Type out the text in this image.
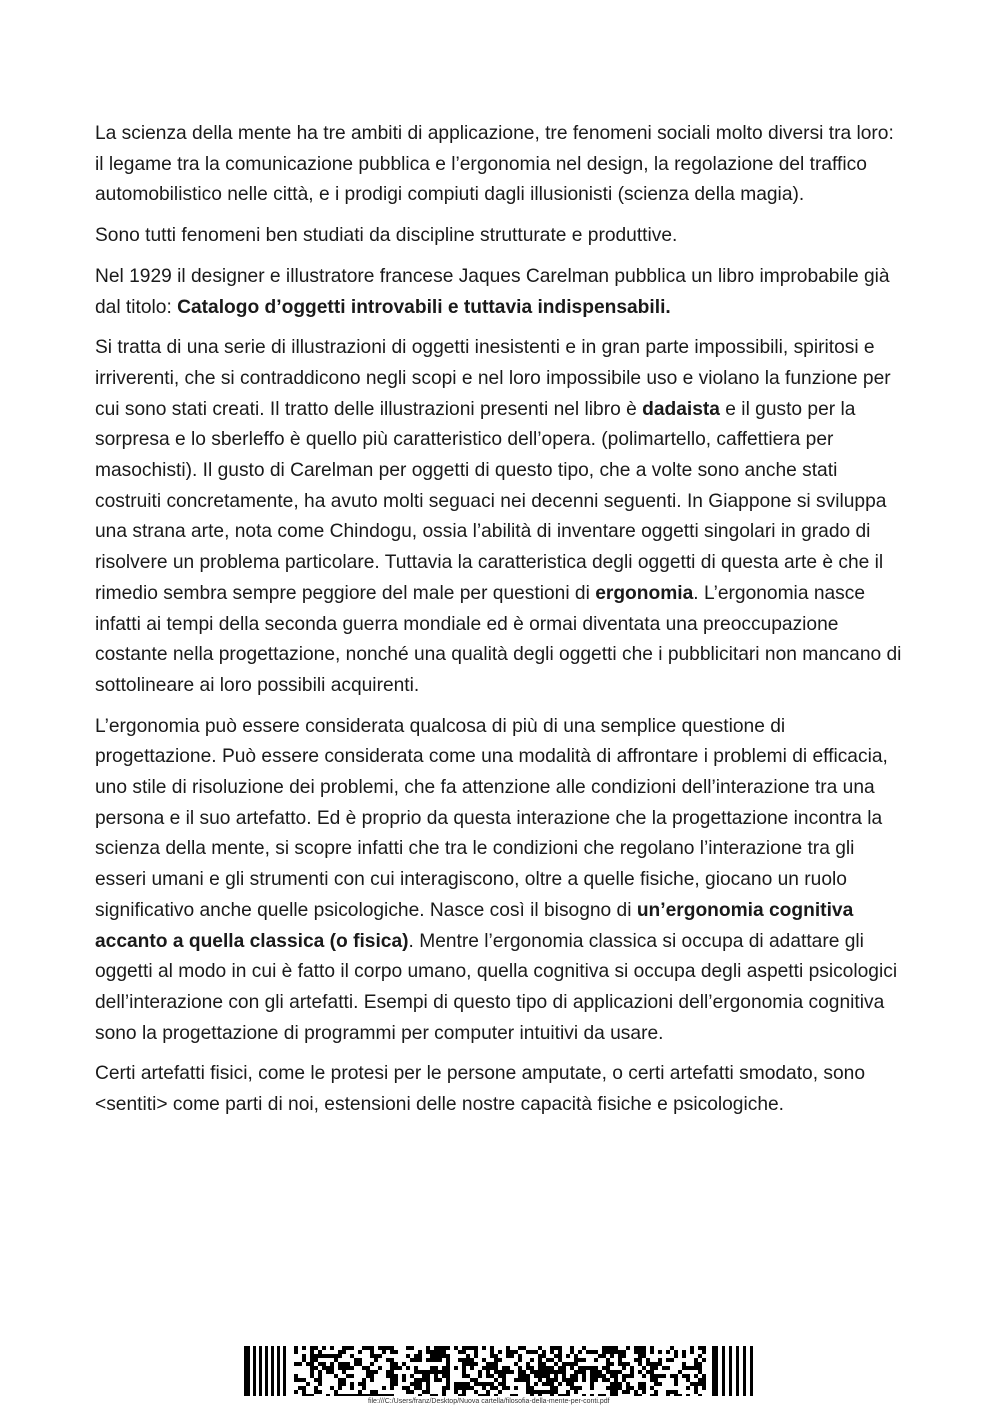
La scienza della mente ha tre ambiti di applicazione, tre fenomeni sociali molto diversi tra loro: il legame tra la comunicazione pubblica e l’ergonomia nel design, la regolazione del traffico automobilistico nelle città, e i prodigi compiuti dagli illusionisti (scienza della magia).

Sono tutti fenomeni ben studiati da discipline strutturate e produttive.

Nel 1929 il designer e illustratore francese Jaques Carelman pubblica un libro improbabile già dal titolo: Catalogo d’oggetti introvabili e tuttavia indispensabili.

Si tratta di una serie di illustrazioni di oggetti inesistenti e in gran parte impossibili, spiritosi e irriverenti, che si contraddicono negli scopi e nel loro impossibile uso e violano la funzione per cui sono stati creati. Il tratto delle illustrazioni presenti nel libro è dadaista e il gusto per la sorpresa e lo sberleffo è quello più caratteristico dell’opera. (polimartello, caffettiera per masochisti). Il gusto di Carelman per oggetti di questo tipo, che a volte sono anche stati costruiti concretamente, ha avuto molti seguaci nei decenni seguenti. In Giappone si sviluppa una strana arte, nota come Chindogu, ossia l’abilità di inventare oggetti singolari in grado di risolvere un problema particolare. Tuttavia la caratteristica degli oggetti di questa arte è che il rimedio sembra sempre peggiore del male per questioni di ergonomia. L’ergonomia nasce infatti ai tempi della seconda guerra mondiale ed è ormai diventata una preoccupazione costante nella progettazione, nonché una qualità degli oggetti che i pubblicitari non mancano di sottolineare ai loro possibili acquirenti.

L’ergonomia può essere considerata qualcosa di più di una semplice questione di progettazione. Può essere considerata come una modalità di affrontare i problemi di efficacia, uno stile di risoluzione dei problemi, che fa attenzione alle condizioni dell’interazione tra una persona e il suo artefatto. Ed è proprio da questa interazione che la progettazione incontra la scienza della mente, si scopre infatti che tra le condizioni che regolano l’interazione tra gli esseri umani e gli strumenti con cui interagiscono, oltre a quelle fisiche, giocano un ruolo significativo anche quelle psicologiche. Nasce così il bisogno di un’ergonomia cognitiva accanto a quella classica (o fisica). Mentre l’ergonomia classica si occupa di adattare gli oggetti al modo in cui è fatto il corpo umano, quella cognitiva si occupa degli aspetti psicologici dell’interazione con gli artefatti. Esempi di questo tipo di applicazioni dell’ergonomia cognitiva sono la progettazione di programmi per computer intuitivi da usare.

Certi artefatti fisici, come le protesi per le persone amputate, o certi artefatti smodato, sono <sentiti> come parti di noi, estensioni delle nostre capacità fisiche e psicologiche.

file:///C:/Users/franz/Desktop/Nuova cartella/filosofia-della-mente-per-conti.pdf
